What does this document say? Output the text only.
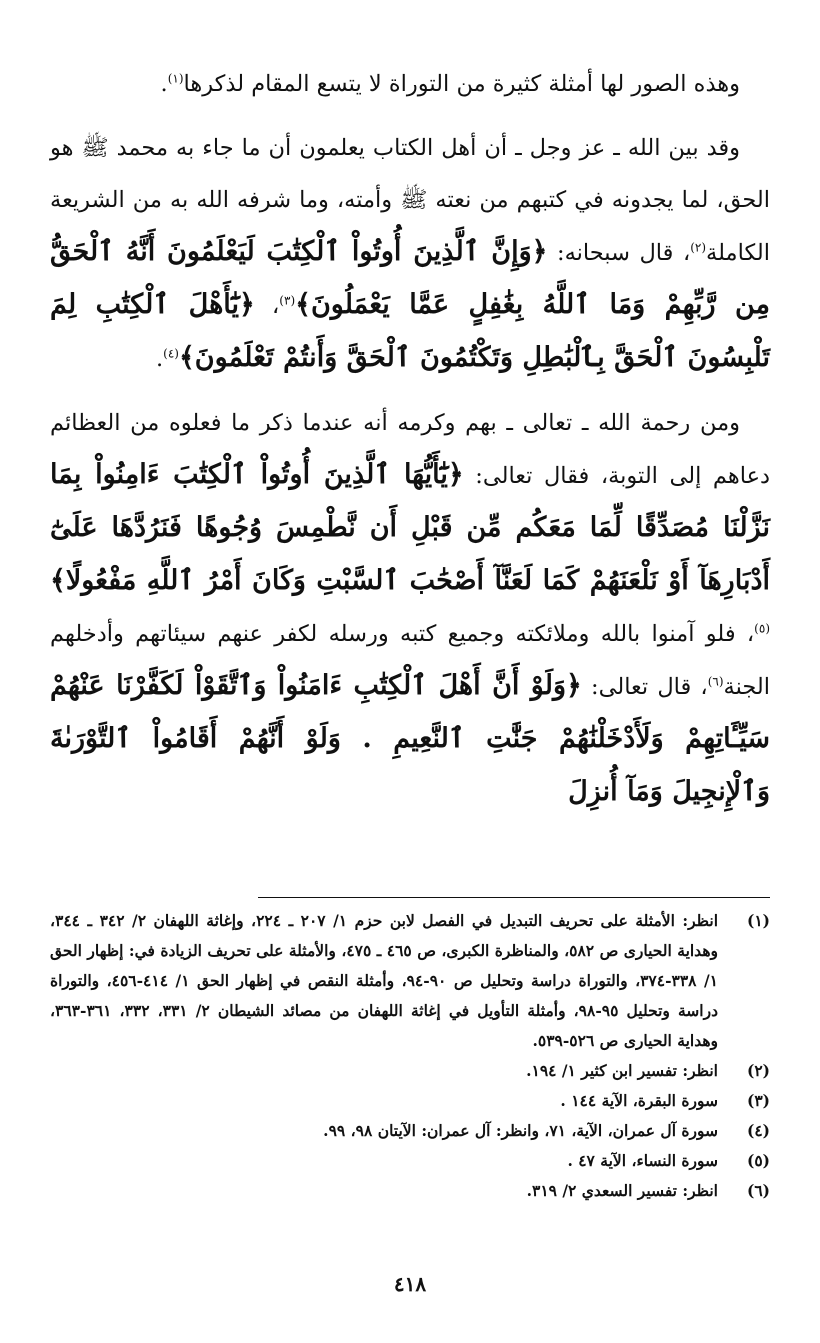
وهذه الصور لها أمثلة كثيرة من التوراة لا يتسع المقام لذكرها$^{(١)}$.

وقد بين الله ـ عز وجل ـ أن أهل الكتاب يعلمون أن ما جاء به محمد ﷺ هو الحق، لما يجدونه في كتبهم من نعته ﷺ وأمته، وما شرفه الله به من الشريعة الكاملة$^{(٢)}$، قال سبحانه: ﴿وَإِنَّ ٱلَّذِينَ أُوتُواْ ٱلْكِتَٰبَ لَيَعْلَمُونَ أَنَّهُ ٱلْحَقُّ مِن رَّبِّهِمْ وَمَا ٱللَّهُ بِغَٰفِلٍ عَمَّا يَعْمَلُونَ﴾$^{(٣)}$، ﴿يَٰٓأَهْلَ ٱلْكِتَٰبِ لِمَ تَلْبِسُونَ ٱلْحَقَّ بِٱلْبَٰطِلِ وَتَكْتُمُونَ ٱلْحَقَّ وَأَنتُمْ تَعْلَمُونَ﴾$^{(٤)}$.

ومن رحمة الله ـ تعالى ـ بهم وكرمه أنه عندما ذكر ما فعلوه من العظائم دعاهم إلى التوبة، فقال تعالى: ﴿يَٰٓأَيُّهَا ٱلَّذِينَ أُوتُواْ ٱلْكِتَٰبَ ءَامِنُواْ بِمَا نَزَّلْنَا مُصَدِّقًا لِّمَا مَعَكُم مِّن قَبْلِ أَن نَّطْمِسَ وُجُوهًا فَنَرُدَّهَا عَلَىٰٓ أَدْبَارِهَآ أَوْ نَلْعَنَهُمْ كَمَا لَعَنَّآ أَصْحَٰبَ ٱلسَّبْتِ وَكَانَ أَمْرُ ٱللَّهِ مَفْعُولًا﴾$^{(٥)}$، فلو آمنوا بالله وملائكته وجميع كتبه ورسله لكفر عنهم سيئاتهم وأدخلهم الجنة$^{(٦)}$، قال تعالى: ﴿وَلَوْ أَنَّ أَهْلَ ٱلْكِتَٰبِ ءَامَنُواْ وَٱتَّقَوْاْ لَكَفَّرْنَا عَنْهُمْ سَيِّـَٔاتِهِمْ وَلَأَدْخَلْنَٰهُمْ جَنَّٰتِ ٱلنَّعِيمِ . وَلَوْ أَنَّهُمْ أَقَامُواْ ٱلتَّوْرَىٰةَ وَٱلْإِنجِيلَ وَمَآ أُنزِلَ

(١)
انظر: الأمثلة على تحريف التبديل في الفصل لابن حزم ١/ ٢٠٧ ـ ٢٢٤، وإغاثة اللهفان ٢/ ٣٤٢ ـ ٣٤٤، وهداية الحيارى ص ٥٨٢، والمناظرة الكبرى، ص ٤٦٥ ـ ٤٧٥، والأمثلة على تحريف الزيادة في: إظهار الحق ١/ ٣٣٨-٣٧٤، والتوراة دراسة وتحليل ص ٩٠-٩٤، وأمثلة النقص في إظهار الحق ١/ ٤١٤-٤٥٦، والتوراة دراسة وتحليل ٩٥-٩٨، وأمثلة التأويل في إغاثة اللهفان من مصائد الشيطان ٢/ ٣٣١، ٣٣٢، ٣٦١-٣٦٣، وهداية الحيارى ص ٥٢٦-٥٣٩.
(٢)
انظر: تفسير ابن كثير ١/ ١٩٤.
(٣)
سورة البقرة، الآية ١٤٤ .
(٤)
سورة آل عمران، الآية، ٧١، وانظر: آل عمران: الآيتان ٩٨، ٩٩.
(٥)
سورة النساء، الآية ٤٧ .
(٦)
انظر: تفسير السعدي ٢/ ٣١٩.
٤١٨
